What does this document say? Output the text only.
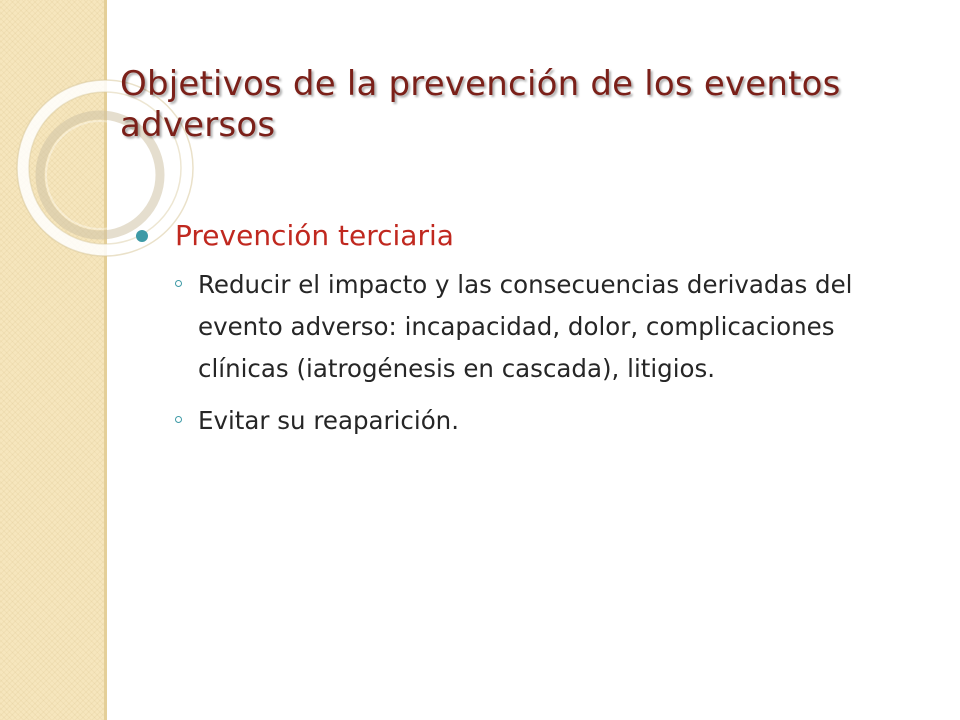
Objetivos de la prevención de los eventos adversos
Prevención terciaria
Reducir el impacto y las consecuencias derivadas del evento adverso: incapacidad, dolor, complicaciones clínicas (iatrogénesis en cascada), litigios.
Evitar su reaparición.
